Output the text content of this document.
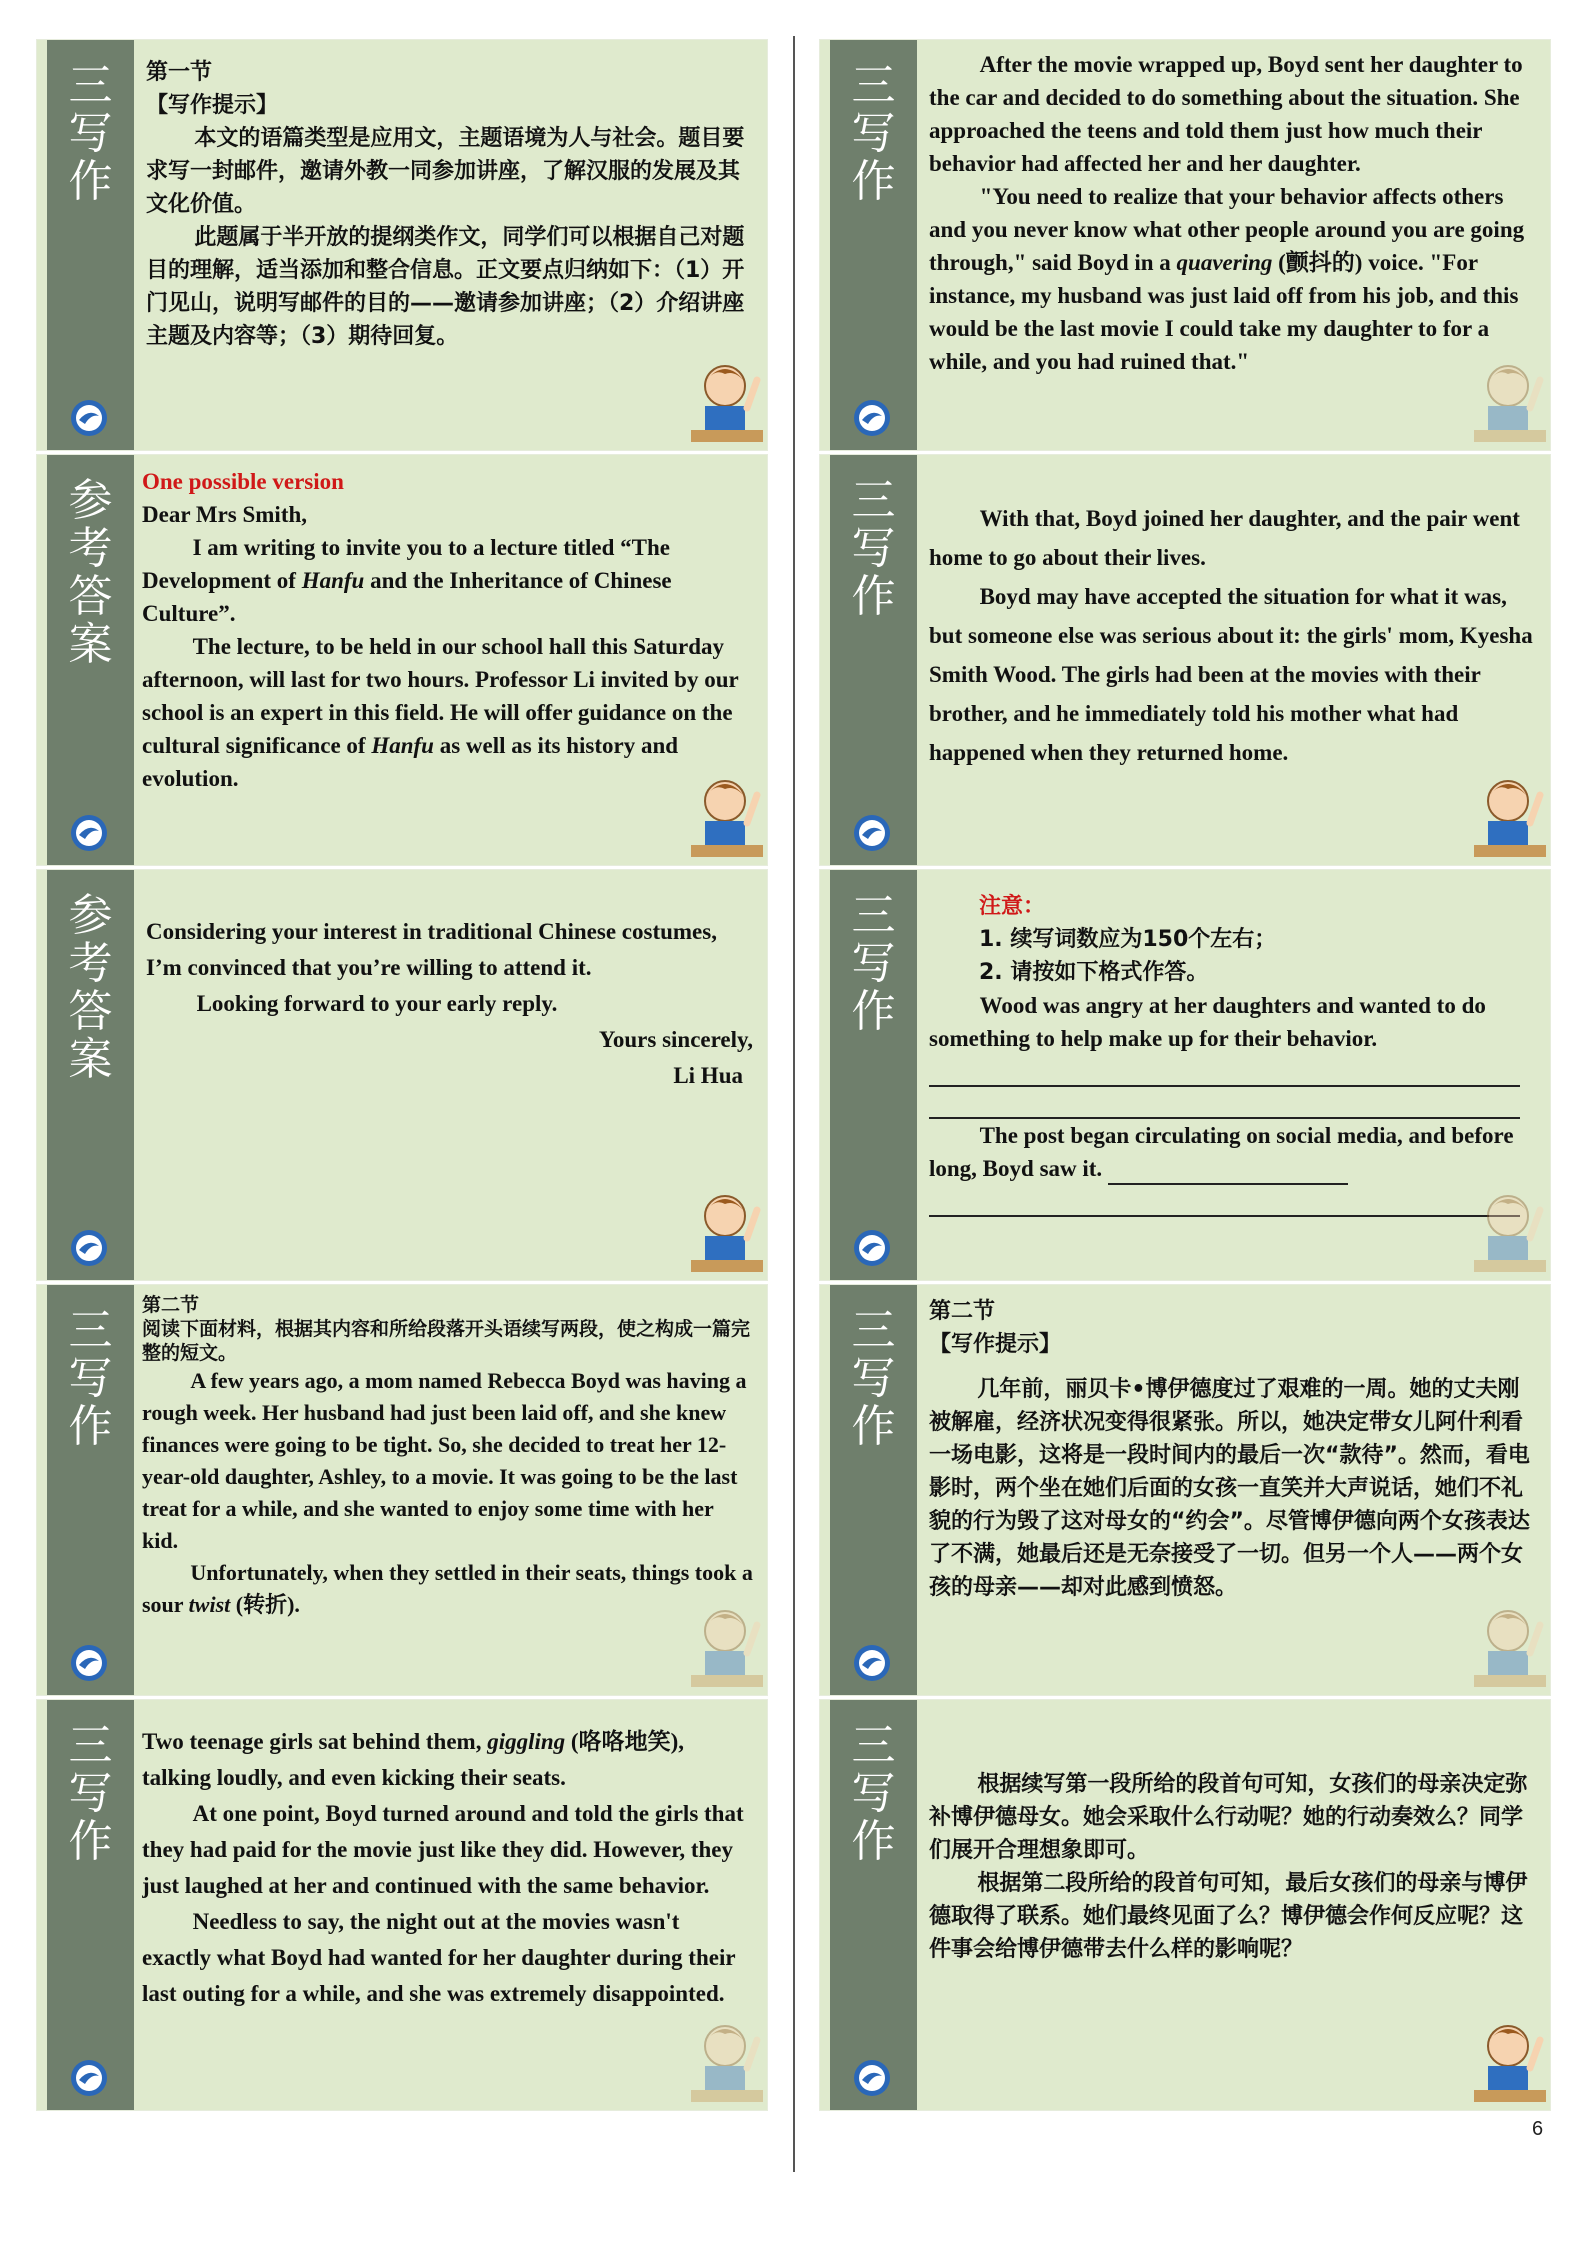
三
写
作

第一节

【写作提示】

本文的语篇类型是应用文，主题语境为人与社会。题目要求写一封邮件，邀请外教一同参加讲座，了解汉服的发展及其文化价值。

此题属于半开放的提纲类作文，同学们可以根据自己对题目的理解，适当添加和整合信息。正文要点归纳如下：（1）开门见山，说明写邮件的目的——邀请参加讲座；（2）介绍讲座主题及内容等；（3）期待回复。

三
写
作

After the movie wrapped up, Boyd sent her daughter to the car and decided to do something about the situation. She approached the teens and told them just how much their behavior had affected her and her daughter.

"You need to realize that your behavior affects others and you never know what other people around you are going through," said Boyd in a quavering (颤抖的) voice. "For instance, my husband was just laid off from his job, and this would be the last movie I could take my daughter to for a while, and you had ruined that."

参
考
答
案

One possible version

Dear Mrs Smith,

I am writing to invite you to a lecture titled “The Development of Hanfu and the Inheritance of Chinese Culture”.

The lecture, to be held in our school hall this Saturday afternoon, will last for two hours. Professor Li invited by our school is an expert in this field. He will offer guidance on the cultural significance of Hanfu as well as its history and evolution.

三
写
作

With that, Boyd joined her daughter, and the pair went home to go about their lives.

Boyd may have accepted the situation for what it was, but someone else was serious about it: the girls' mom, Kyesha Smith Wood. The girls had been at the movies with their brother, and he immediately told his mother what had happened when they returned home.

参
考
答
案

Considering your interest in traditional Chinese costumes, I’m convinced that you’re willing to attend it.

Looking forward to your early reply.

Yours sincerely,

Li Hua

三
写
作

注意：

1. 续写词数应为150个左右；

2. 请按如下格式作答。

Wood was angry at her daughters and wanted to do something to help make up for their behavior.

The post began circulating on social media, and before long, Boyd saw it.

三
写
作

第二节

阅读下面材料，根据其内容和所给段落开头语续写两段，使之构成一篇完整的短文。

A few years ago, a mom named Rebecca Boyd was having a rough week. Her husband had just been laid off, and she knew finances were going to be tight. So, she decided to treat her 12-year-old daughter, Ashley, to a movie. It was going to be the last treat for a while, and she wanted to enjoy some time with her kid.

Unfortunately, when they settled in their seats, things took a sour twist (转折).

三
写
作

第二节

【写作提示】

几年前，丽贝卡•博伊德度过了艰难的一周。她的丈夫刚被解雇，经济状况变得很紧张。所以，她决定带女儿阿什利看一场电影，这将是一段时间内的最后一次“款待”。然而，看电影时，两个坐在她们后面的女孩一直笑并大声说话，她们不礼貌的行为毁了这对母女的“约会”。尽管博伊德向两个女孩表达了不满，她最后还是无奈接受了一切。但另一个人——两个女孩的母亲——却对此感到愤怒。

三
写
作

Two teenage girls sat behind them, giggling (咯咯地笑), talking loudly, and even kicking their seats.

At one point, Boyd turned around and told the girls that they had paid for the movie just like they did. However, they just laughed at her and continued with the same behavior.

Needless to say, the night out at the movies wasn't exactly what Boyd had wanted for her daughter during their last outing for a while, and she was extremely disappointed.

三
写
作

根据续写第一段所给的段首句可知，女孩们的母亲决定弥补博伊德母女。她会采取什么行动呢？她的行动奏效么？同学们展开合理想象即可。

根据第二段所给的段首句可知，最后女孩们的母亲与博伊德取得了联系。她们最终见面了么？博伊德会作何反应呢？这件事会给博伊德带去什么样的影响呢？

6
